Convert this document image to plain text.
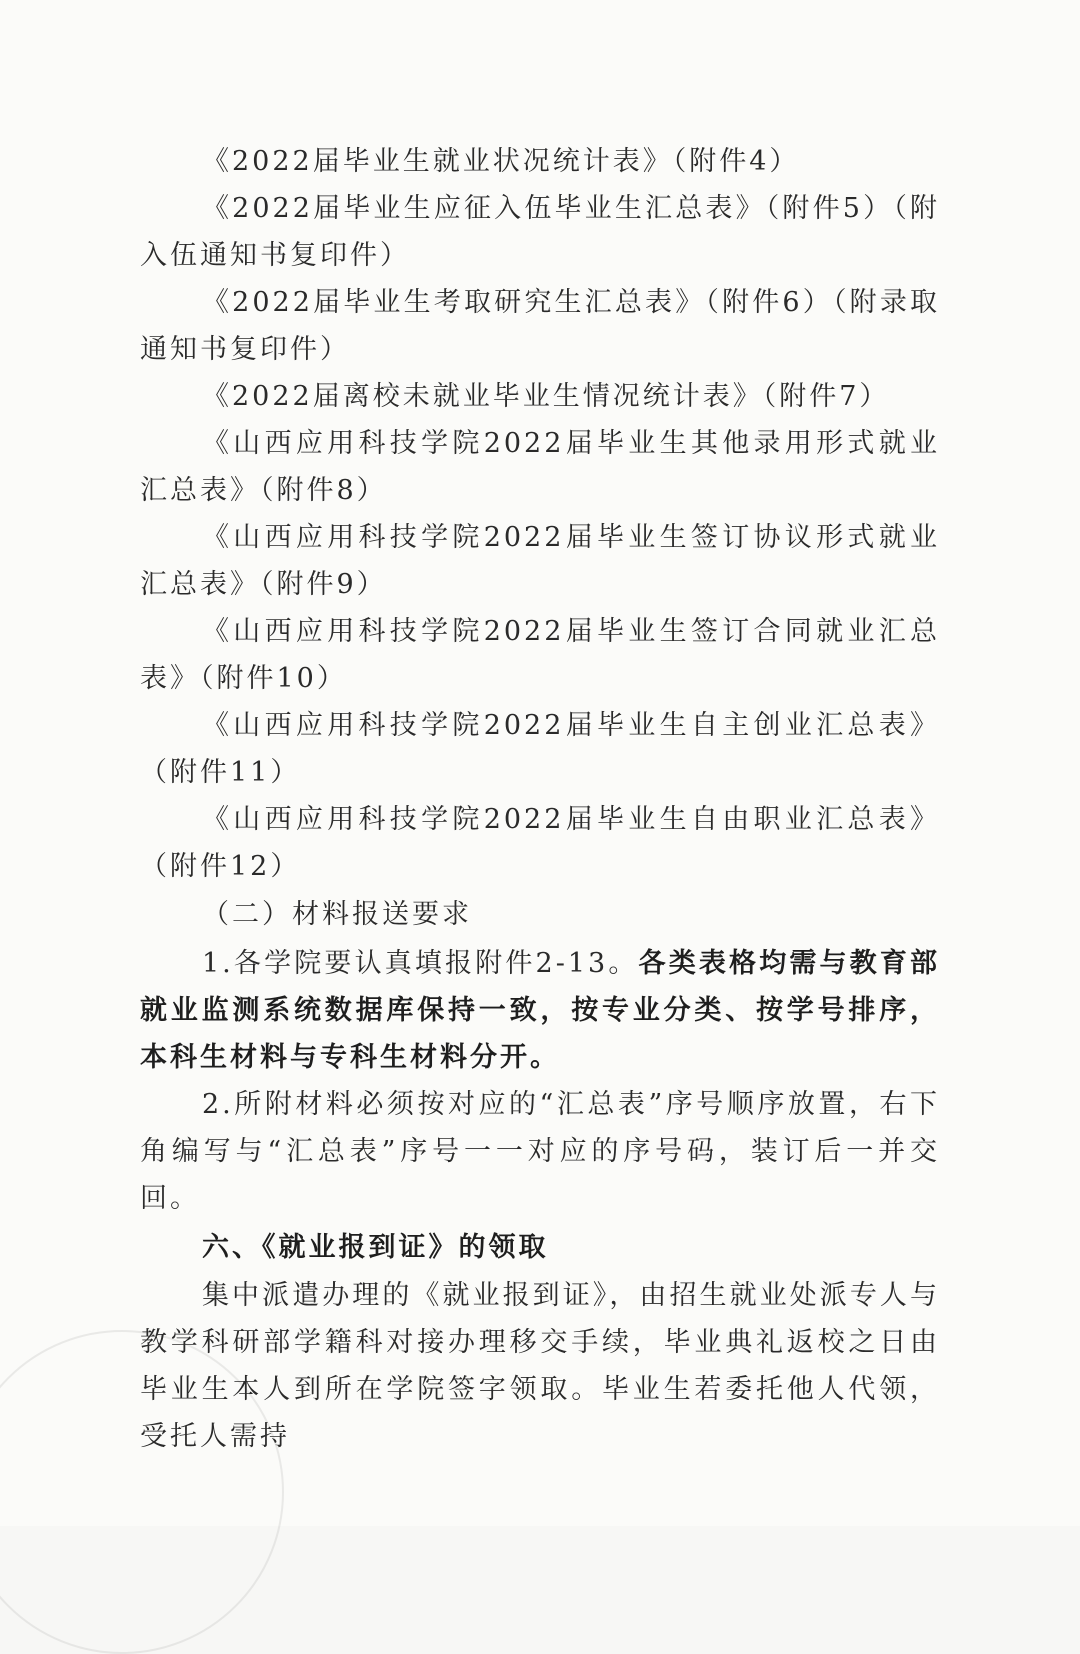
《2022届毕业生就业状况统计表》（附件4）

《2022届毕业生应征入伍毕业生汇总表》（附件5）（附入伍通知书复印件）

《2022届毕业生考取研究生汇总表》（附件6）（附录取通知书复印件）

《2022届离校未就业毕业生情况统计表》（附件7）

《山西应用科技学院2022届毕业生其他录用形式就业汇总表》（附件8）

《山西应用科技学院2022届毕业生签订协议形式就业汇总表》（附件9）

《山西应用科技学院2022届毕业生签订合同就业汇总表》（附件10）

《山西应用科技学院2022届毕业生自主创业汇总表》（附件11）

《山西应用科技学院2022届毕业生自由职业汇总表》（附件12）

（二）材料报送要求

1.各学院要认真填报附件2-13。各类表格均需与教育部就业监测系统数据库保持一致，按专业分类、按学号排序，本科生材料与专科生材料分开。

2.所附材料必须按对应的“汇总表”序号顺序放置，右下角编写与“汇总表”序号一一对应的序号码，装订后一并交回。

六、《就业报到证》的领取

集中派遣办理的《就业报到证》，由招生就业处派专人与教学科研部学籍科对接办理移交手续，毕业典礼返校之日由毕业生本人到所在学院签字领取。毕业生若委托他人代领，受托人需持
